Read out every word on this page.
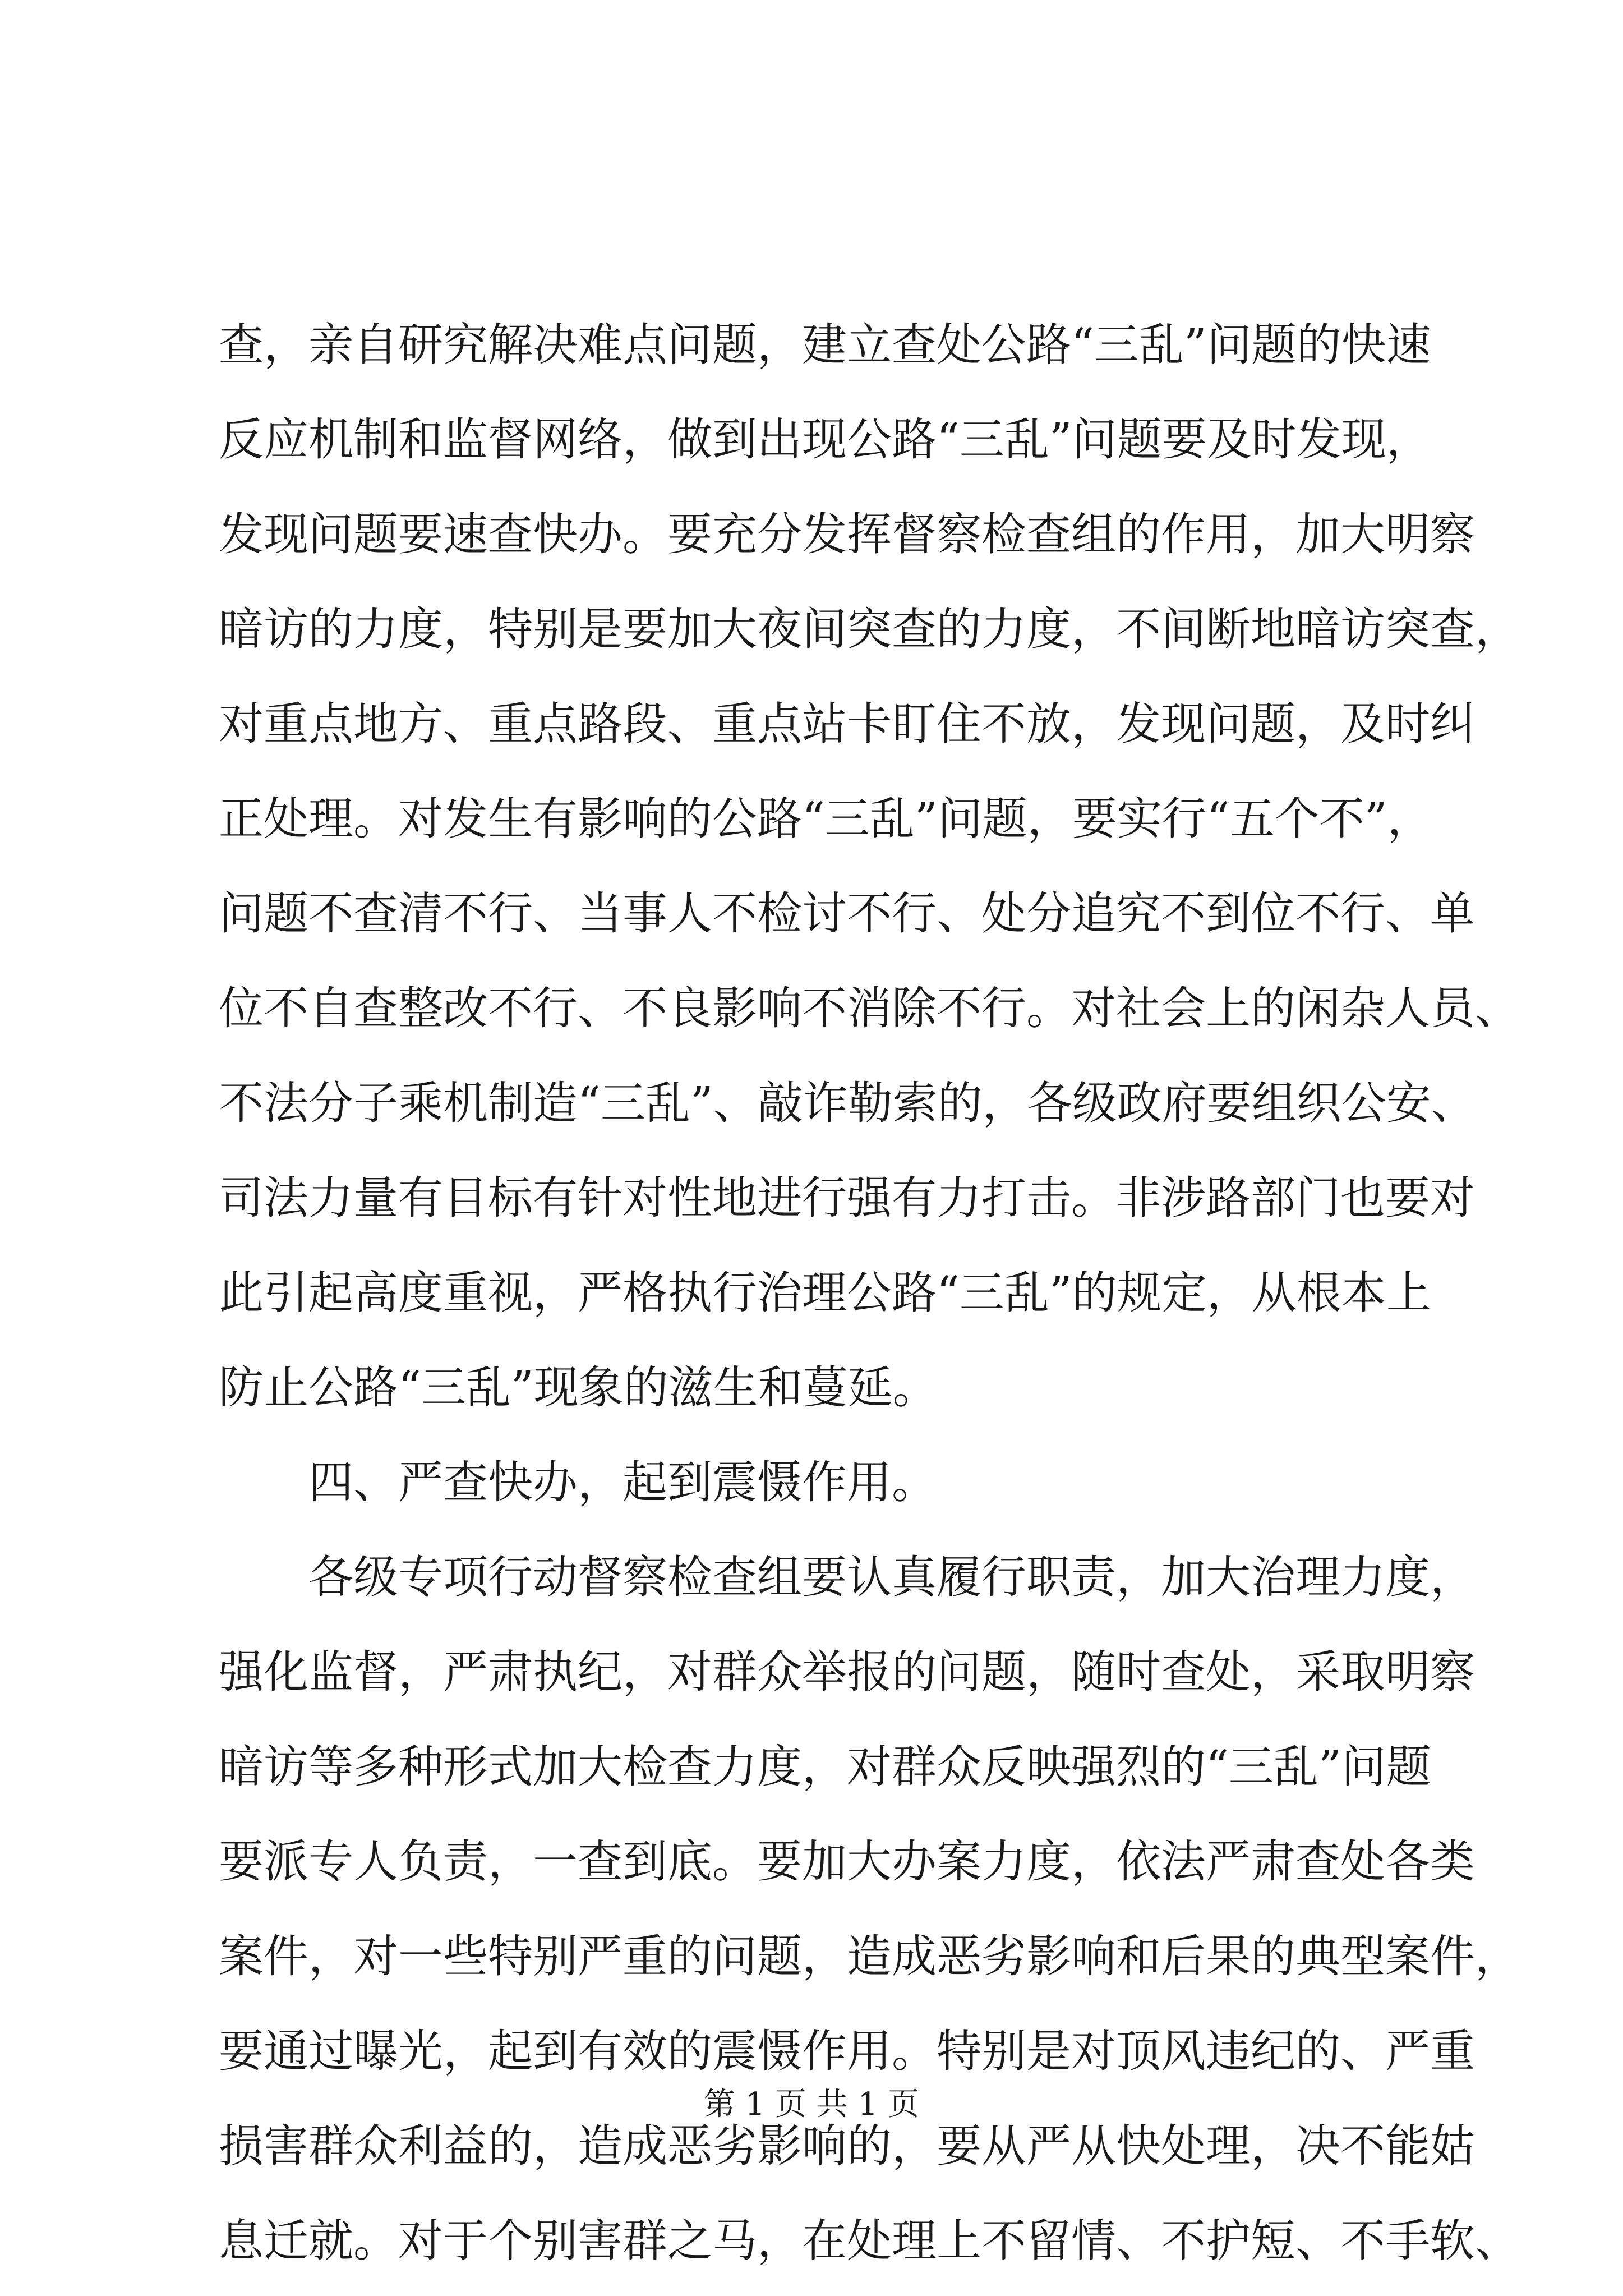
查，亲自研究解决难点问题，建立查处公路“三乱”问题的快速
反应机制和监督网络，做到出现公路“三乱”问题要及时发现，
发现问题要速查快办。要充分发挥督察检查组的作用，加大明察
暗访的力度，特别是要加大夜间突查的力度，不间断地暗访突查，
对重点地方、重点路段、重点站卡盯住不放，发现问题，及时纠
正处理。对发生有影响的公路“三乱”问题，要实行“五个不”，
问题不查清不行、当事人不检讨不行、处分追究不到位不行、单
位不自查整改不行、不良影响不消除不行。对社会上的闲杂人员、
不法分子乘机制造“三乱”、敲诈勒索的，各级政府要组织公安、
司法力量有目标有针对性地进行强有力打击。非涉路部门也要对
此引起高度重视，严格执行治理公路“三乱”的规定，从根本上
防止公路“三乱”现象的滋生和蔓延。
四、严查快办，起到震慑作用。
各级专项行动督察检查组要认真履行职责，加大治理力度，
强化监督，严肃执纪，对群众举报的问题，随时查处，采取明察
暗访等多种形式加大检查力度，对群众反映强烈的“三乱”问题
要派专人负责，一查到底。要加大办案力度，依法严肃查处各类
案件，对一些特别严重的问题，造成恶劣影响和后果的典型案件，
要通过曝光，起到有效的震慑作用。特别是对顶风违纪的、严重
损害群众利益的，造成恶劣影响的，要从严从快处理，决不能姑
息迁就。对于个别害群之马，在处理上不留情、不护短、不手软、
第 1 页 共 1 页
